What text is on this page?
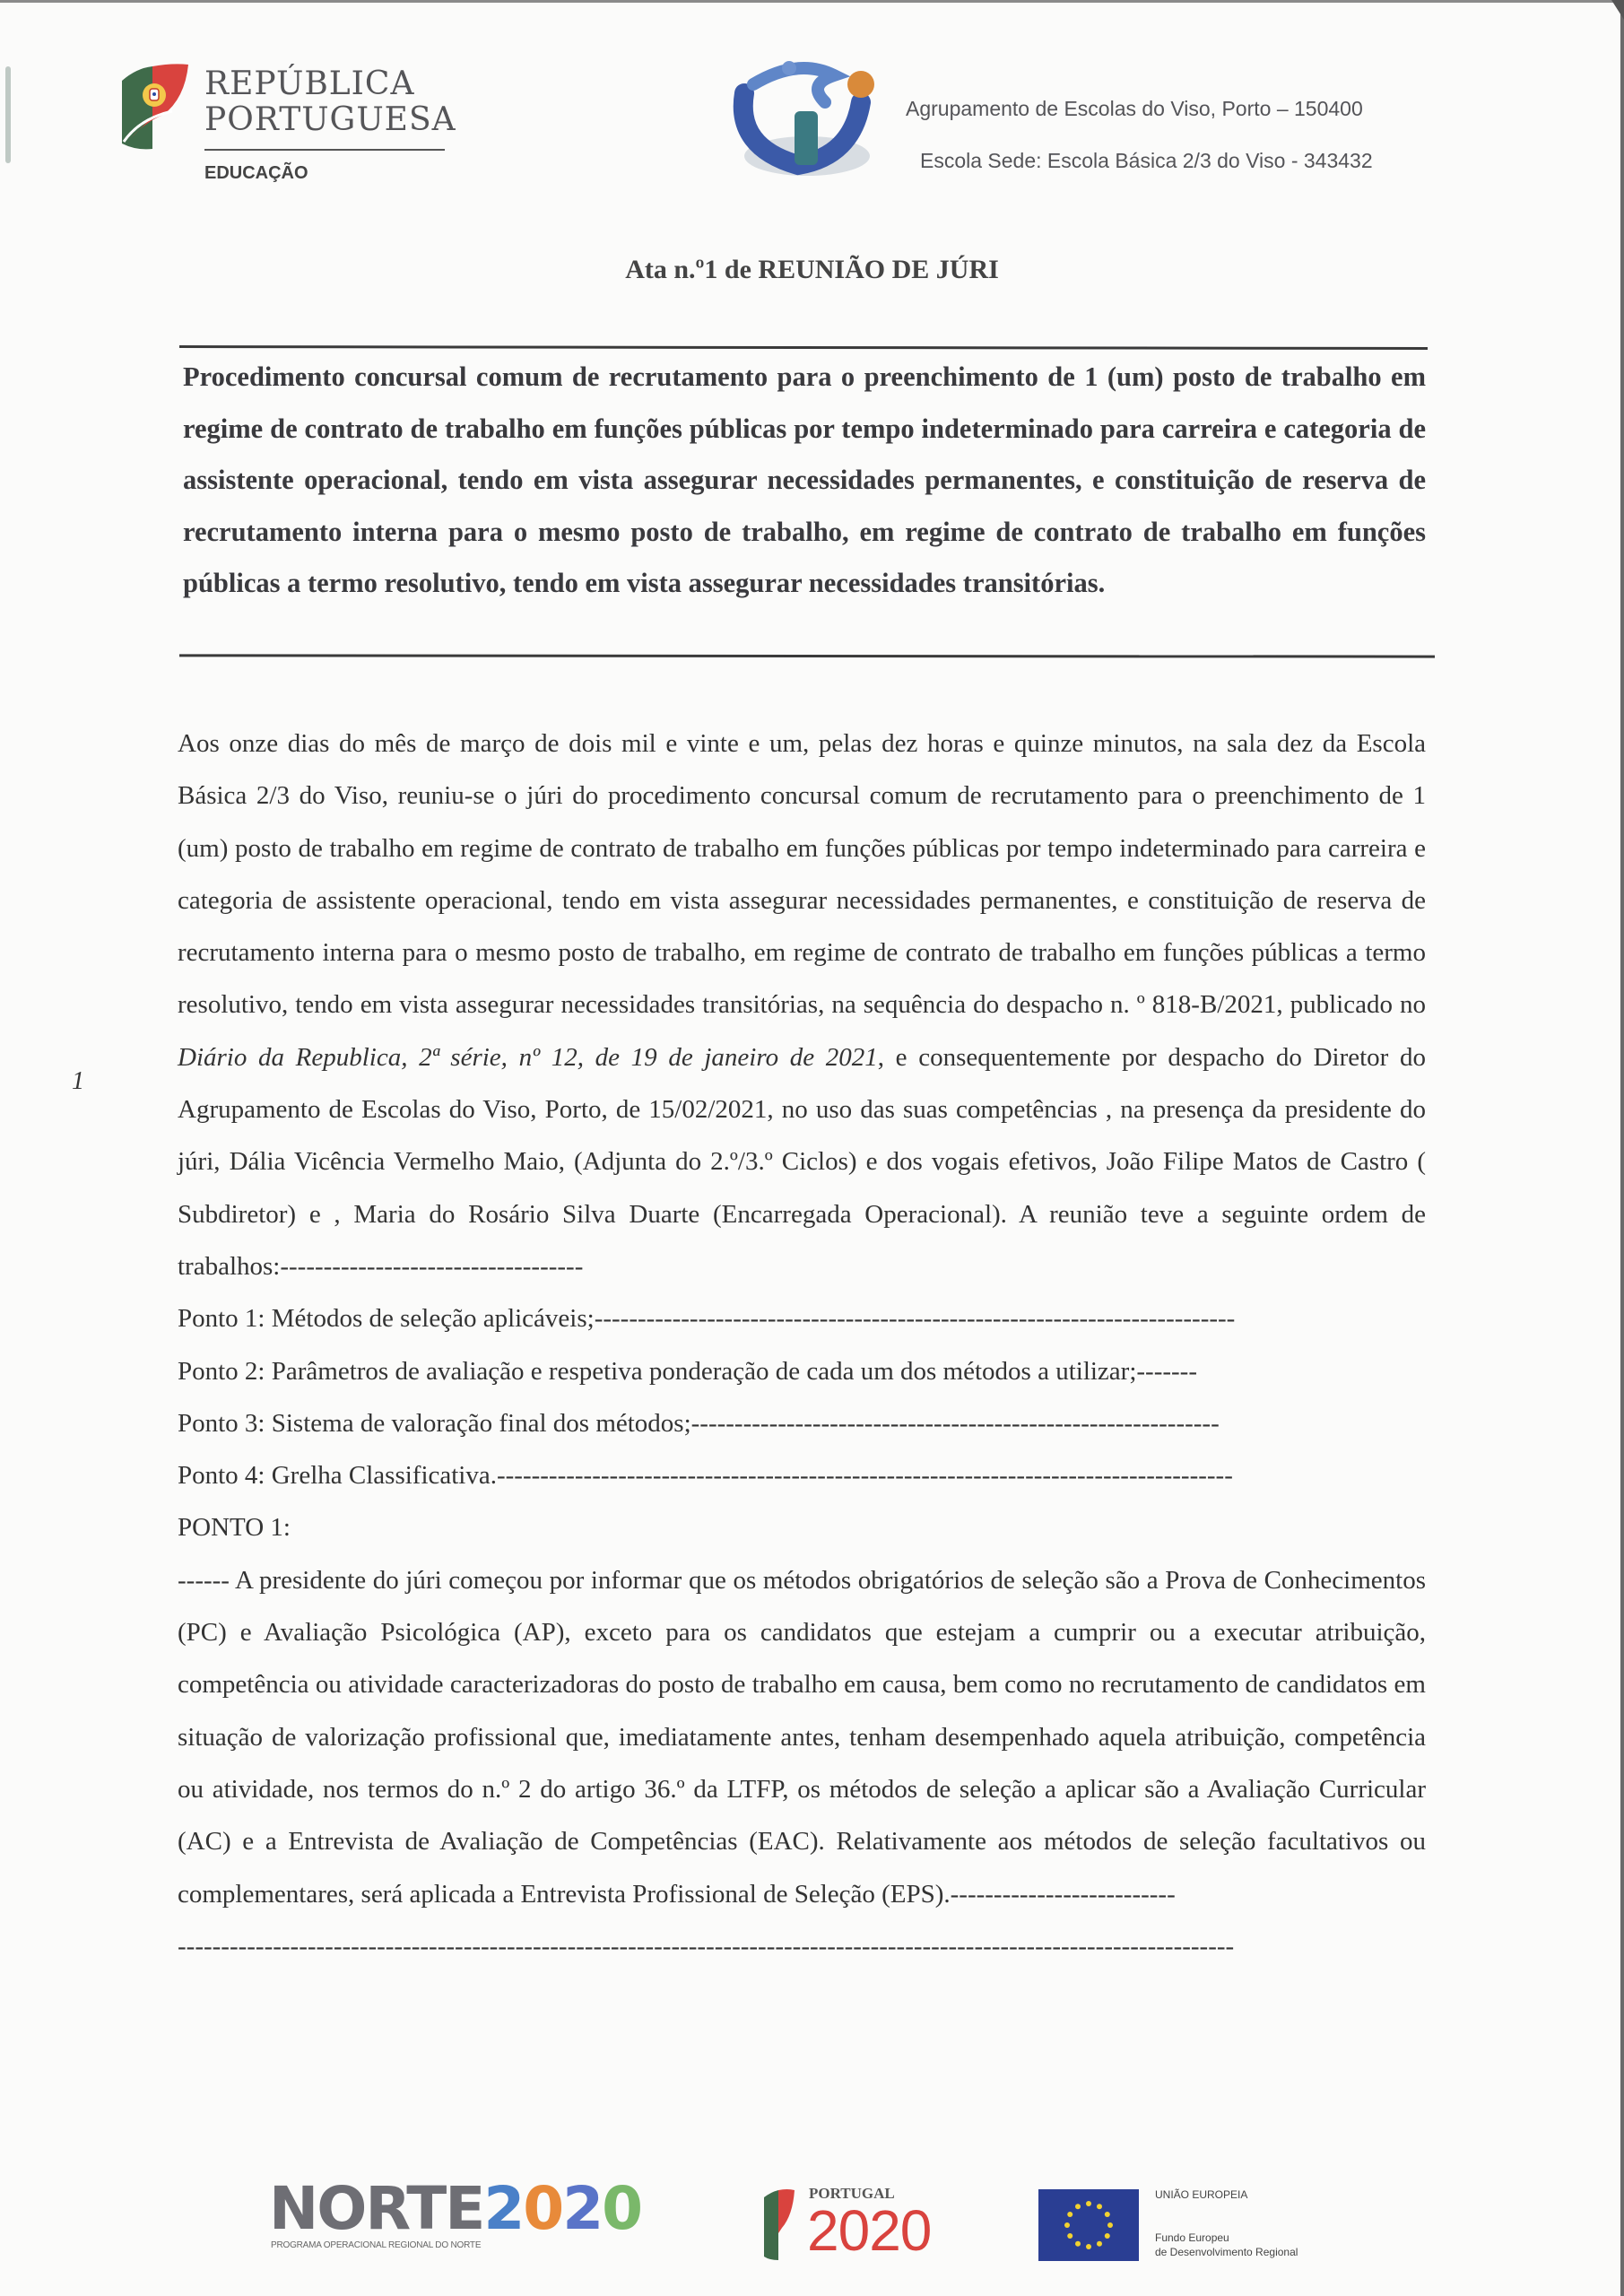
1
REPÚBLICA
PORTUGUESA
EDUCAÇÃO
Agrupamento de Escolas do Viso, Porto – 150400
Escola Sede: Escola Básica 2/3 do Viso - 343432
Ata n.º1 de REUNIÃO DE JÚRI
Procedimento concursal comum de recrutamento para o preenchimento de 1 (um) posto de trabalho em regime de contrato de trabalho em funções públicas por tempo indeterminado para carreira e categoria de assistente operacional, tendo em vista assegurar necessidades permanentes, e constituição de reserva de recrutamento interna para o mesmo posto de trabalho, em regime de contrato de trabalho em funções públicas a termo resolutivo, tendo em vista assegurar necessidades transitórias.

Aos onze dias do mês de março de dois mil e vinte e um, pelas dez horas e quinze minutos, na sala dez da Escola Básica 2/3 do Viso, reuniu-se o júri do procedimento concursal comum de recrutamento para o preenchimento de 1 (um) posto de trabalho em regime de contrato de trabalho em funções públicas por tempo indeterminado para carreira e categoria de assistente operacional, tendo em vista assegurar necessidades permanentes, e constituição de reserva de recrutamento interna para o mesmo posto de trabalho, em regime de contrato de trabalho em funções públicas a termo resolutivo, tendo em vista assegurar necessidades transitórias, na sequência do despacho n. º 818-B/2021, publicado no Diário da Republica, 2ª série, nº 12, de 19 de janeiro de 2021, e consequentemente por despacho do Diretor do Agrupamento de Escolas do Viso, Porto, de 15/02/2021, no uso das suas competências , na presença da presidente do júri, Dália Vicência Vermelho Maio, (Adjunta do 2.º/3.º Ciclos) e dos vogais efetivos, João Filipe Matos de Castro ( Subdiretor) e , Maria do Rosário Silva Duarte (Encarregada Operacional). A reunião teve a seguinte ordem de trabalhos:-----------------------------------

Ponto 1: Métodos de seleção aplicáveis;--------------------------------------------------------------------------

Ponto 2: Parâmetros de avaliação e respetiva ponderação de cada um dos métodos a utilizar;-------

Ponto 3: Sistema de valoração final dos métodos;-------------------------------------------------------------

Ponto 4: Grelha Classificativa.-------------------------------------------------------------------------------------

PONTO 1:

------ A presidente do júri começou por informar que os métodos obrigatórios de seleção são a Prova de Conhecimentos (PC) e Avaliação Psicológica (AP), exceto para os candidatos que estejam a cumprir ou a executar atribuição, competência ou atividade caracterizadoras do posto de trabalho em causa, bem como no recrutamento de candidatos em situação de valorização profissional que, imediatamente antes, tenham desempenhado aquela atribuição, competência ou atividade, nos termos do n.º 2 do artigo 36.º da LTFP, os métodos de seleção a aplicar são a Avaliação Curricular (AC) e a Entrevista de Avaliação de Competências (EAC). Relativamente aos métodos de seleção facultativos ou complementares, será aplicada a Entrevista Profissional de Seleção (EPS).--------------------------

--------------------------------------------------------------------------------------------------------------------------

NORTE2020
PROGRAMA OPERACIONAL REGIONAL DO NORTE
PORTUGAL
2020
UNIÃO EUROPEIA
Fundo Europeu
de Desenvolvimento Regional
